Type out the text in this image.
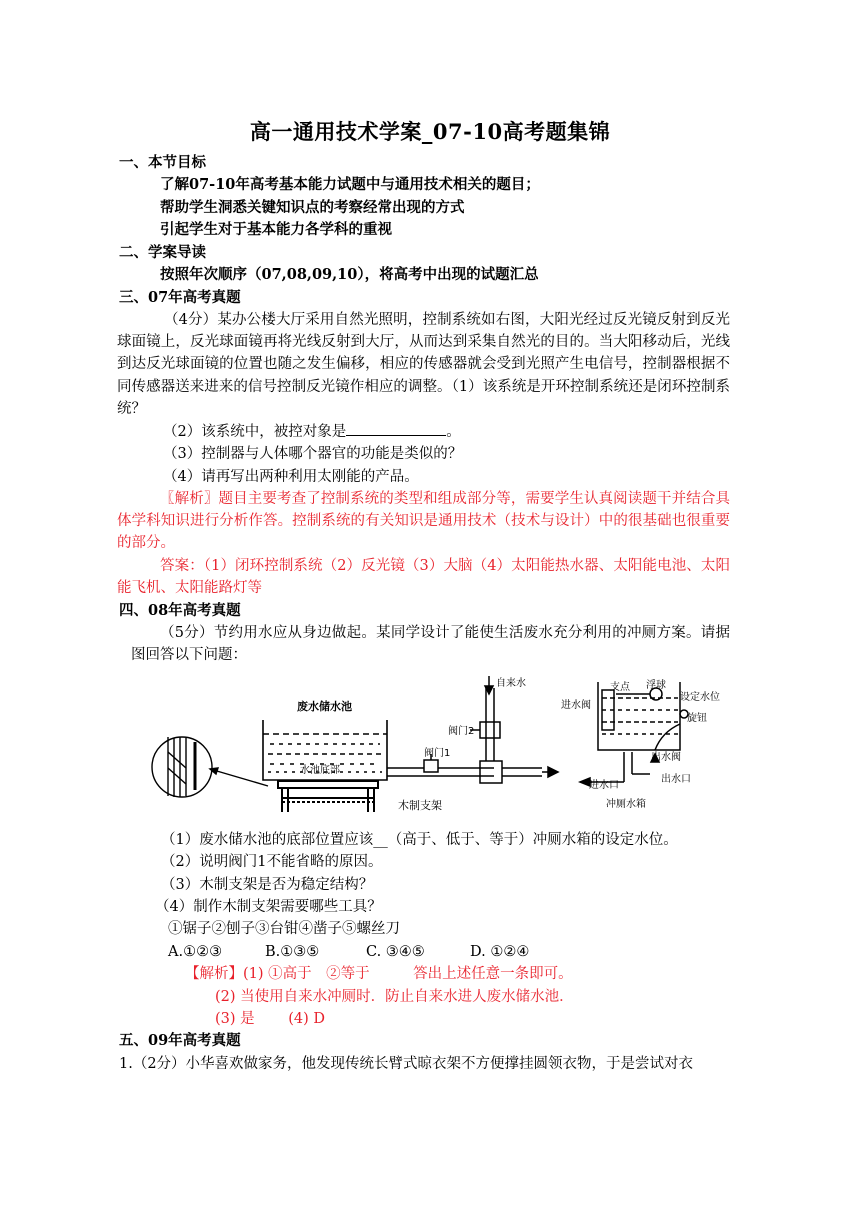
高一通用技术学案_07-10高考题集锦
一、本节目标
了解07-10年高考基本能力试题中与通用技术相关的题目；
帮助学生洞悉关键知识点的考察经常出现的方式
引起学生对于基本能力各学科的重视
二、学案导读
按照年次顺序（07,08,09,10），将高考中出现的试题汇总
三、07年高考真题
（4分）某办公楼大厅采用自然光照明，控制系统如右图，大阳光经过反光镜反射到反光球面镜上，反光球面镜再将光线反射到大厅，从而达到采集自然光的目的。当大阳移动后，光线到达反光球面镜的位置也随之发生偏移，相应的传感器就会受到光照产生电信号，控制器根据不同传感器送来进来的信号控制反光镜作相应的调整。（1）该系统是开环控制系统还是闭环控制系统？
（2）该系统中，被控对象是	。
（3）控制器与人体哪个器官的功能是类似的？
（4）请再写出两种利用太刚能的产品。
〖解析〗题目主要考查了控制系统的类型和组成部分等，需要学生认真阅读题干并结合具体学科知识进行分析作答。控制系统的有关知识是通用技术（技术与设计）中的很基础也很重要的部分。
答案：（1）闭环控制系统（2）反光镜（3）大脑（4）太阳能热水器、太阳能电池、太阳能飞机、太阳能路灯等
四、08年高考真题
（5分）节约用水应从身边做起。某同学设计了能使生活废水充分利用的冲厕方案。请据图回答以下问题：
废水储水池
水池底部
木制支架
自来水
阀门2
阀门1
进水阀
支点 浮球
设定水位
旋钮
出水阀
进水口
出水口
冲厕水箱
（1）废水储水池的底部位置应该__（高于、低于、等于）冲厕水箱的设定水位。
（2）说明阀门1不能省略的原因。
（3）木制支架是否为稳定结构？
（4）制作木制支架需要哪些工具？
①锯子②刨子③台钳④凿子⑤螺丝刀
A.①②③	B.①③⑤	C. ③④⑤	D. ①②④
【解析】(1) ①高于　②等于　　　答出上述任意一条即可。
(2) 当使用自来水冲厕时．防止自来水进人废水储水池．
(3) 是　　 (4) D
五、09年高考真题
1.（2分）小华喜欢做家务，他发现传统长臂式晾衣架不方便撑挂圆领衣物，于是尝试对衣
